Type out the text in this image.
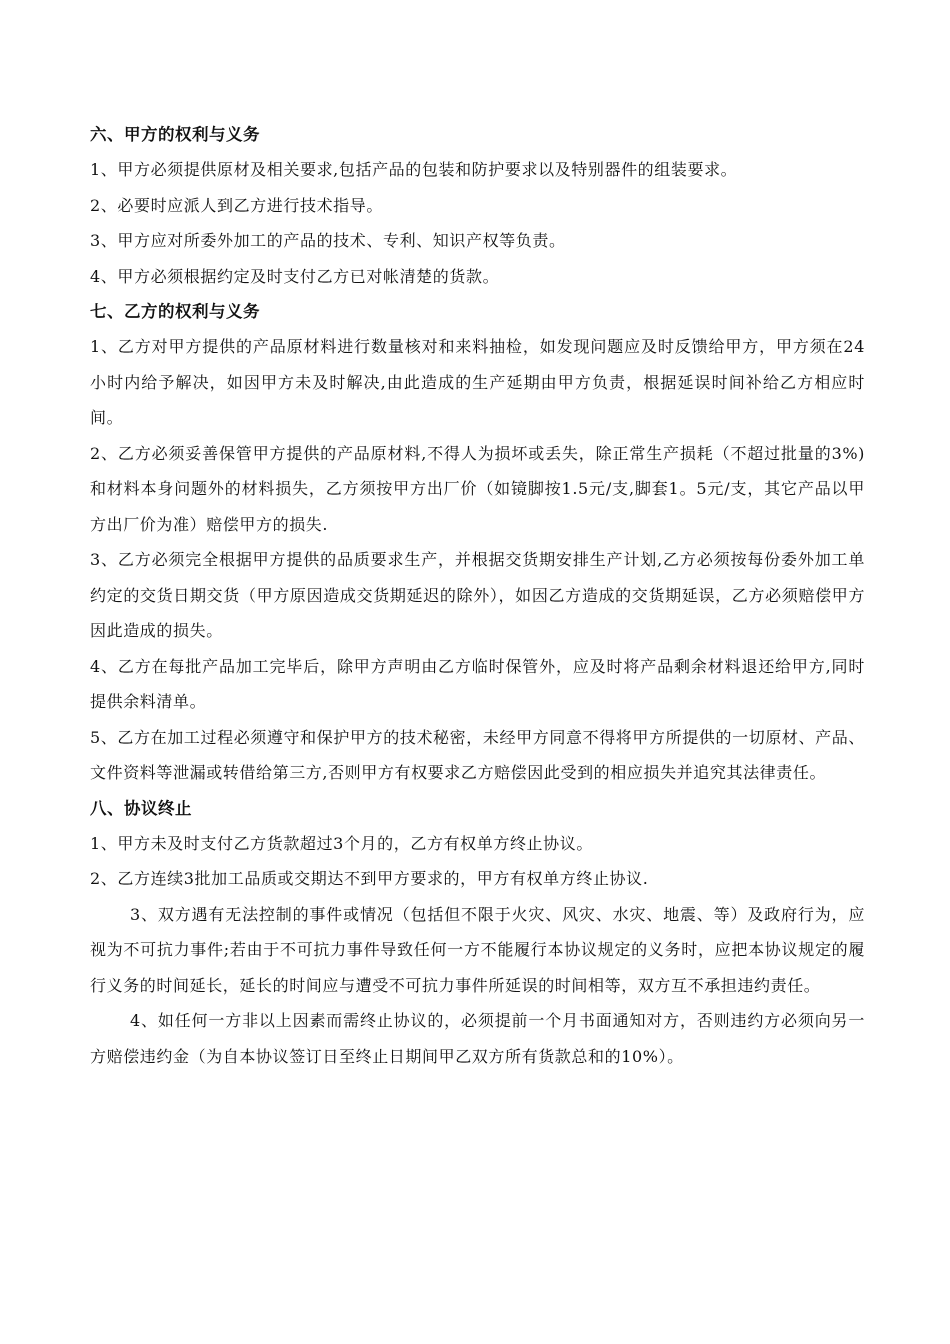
六、甲方的权利与义务
1、甲方必须提供原材及相关要求,包括产品的包装和防护要求以及特别器件的组装要求。
2、必要时应派人到乙方进行技术指导。
3、甲方应对所委外加工的产品的技术、专利、知识产权等负责。
4、甲方必须根据约定及时支付乙方已对帐清楚的货款。
七、乙方的权利与义务
1、乙方对甲方提供的产品原材料进行数量核对和来料抽检，如发现问题应及时反馈给甲方，甲方须在24　小时内给予解决，如因甲方未及时解决,由此造成的生产延期由甲方负责，根据延误时间补给乙方相应时间。
2、乙方必须妥善保管甲方提供的产品原材料,不得人为损坏或丢失，除正常生产损耗（不超过批量的3%)和材料本身问题外的材料损失，乙方须按甲方出厂价（如镜脚按1.5元/支,脚套1。5元/支，其它产品以甲方出厂价为准）赔偿甲方的损失.
3、乙方必须完全根据甲方提供的品质要求生产，并根据交货期安排生产计划,乙方必须按每份委外加工单约定的交货日期交货（甲方原因造成交货期延迟的除外），如因乙方造成的交货期延误，乙方必须赔偿甲方因此造成的损失。
4、乙方在每批产品加工完毕后，除甲方声明由乙方临时保管外，应及时将产品剩余材料退还给甲方,同时提供余料清单。
5、乙方在加工过程必须遵守和保护甲方的技术秘密，未经甲方同意不得将甲方所提供的一切原材、产品、文件资料等泄漏或转借给第三方,否则甲方有权要求乙方赔偿因此受到的相应损失并追究其法律责任。
八、协议终止
1、甲方未及时支付乙方货款超过3个月的，乙方有权单方终止协议。
2、乙方连续3批加工品质或交期达不到甲方要求的，甲方有权单方终止协议.
3、双方遇有无法控制的事件或情况（包括但不限于火灾、风灾、水灾、地震、等）及政府行为，应视为不可抗力事件;若由于不可抗力事件导致任何一方不能履行本协议规定的义务时，应把本协议规定的履行义务的时间延长，延长的时间应与遭受不可抗力事件所延误的时间相等，双方互不承担违约责任。
4、如任何一方非以上因素而需终止协议的，必须提前一个月书面通知对方，否则违约方必须向另一方赔偿违约金（为自本协议签订日至终止日期间甲乙双方所有货款总和的10%）。
